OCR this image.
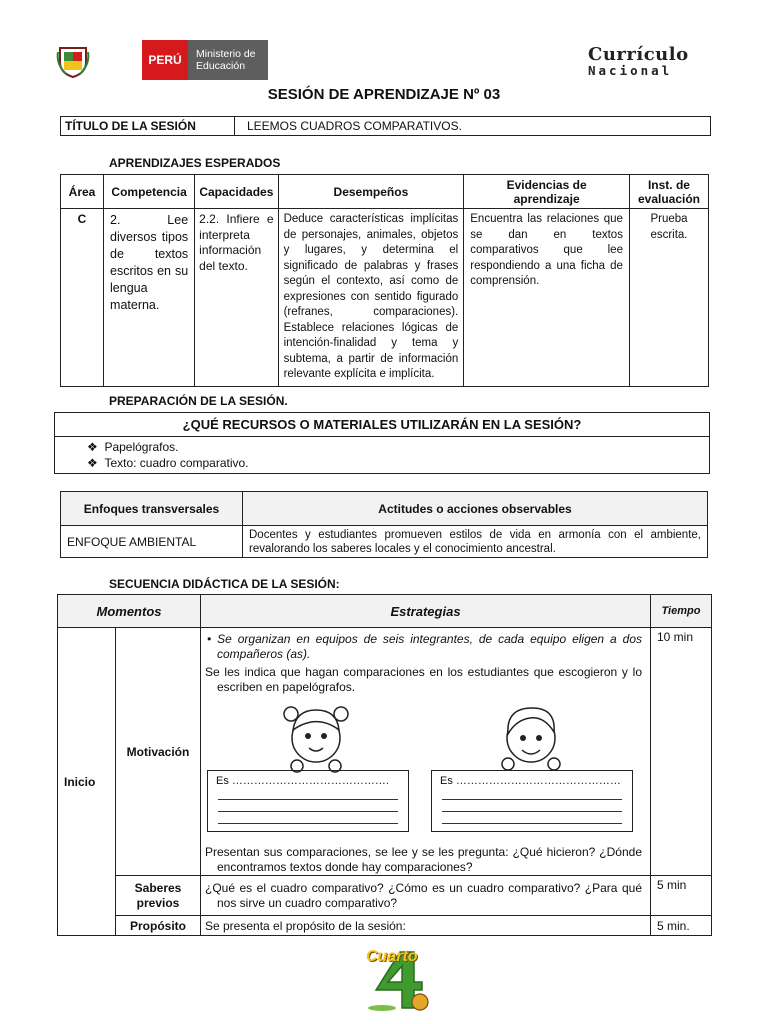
PERÚ	Ministerio de Educación
Currículo
Nacional
SESIÓN DE APRENDIZAJE Nº 03
TÍTULO DE LA SESIÓN	LEEMOS CUADROS COMPARATIVOS.
APRENDIZAJES ESPERADOS
Área	Competencia	Capacidades	Desempeños	Evidencias de aprendizaje	Inst. de evaluación
C	2. Lee diversos tipos de textos escritos en su lengua materna.	2.2. Infiere e interpreta información del texto.	Deduce características implícitas de personajes, animales, objetos y lugares, y determina el significado de palabras y frases según el contexto, así como de expresiones con sentido figurado (refranes, comparaciones). Establece relaciones lógicas de intención-finalidad y tema y subtema, a partir de información relevante explícita e implícita.	Encuentra las relaciones que se dan en textos comparativos que lee respondiendo a una ficha de comprensión.	Prueba escrita.
PREPARACIÓN DE LA SESIÓN.
¿QUÉ RECURSOS O MATERIALES UTILIZARÁN EN LA SESIÓN?

❖ Papelógrafos.
❖ Texto: cuadro comparativo.
Enfoques transversales	Actitudes o acciones observables
ENFOQUE AMBIENTAL	Docentes y estudiantes promueven estilos de vida en armonía con el ambiente, revalorando los saberes locales y el conocimiento ancestral.
SECUENCIA DIDÁCTICA DE LA SESIÓN:
Momentos		Estrategias	Tiempo
Inicio	Motivación	• Se organizan en equipos de seis integrantes, de cada equipo eligen a dos compañeros (as).
Se les indica que hagan comparaciones en los estudiantes que escogieron y lo escriben en papelógrafos.
Es ……………………………………. Es ………………………………………
Presentan sus comparaciones, se lee y se les pregunta: ¿Qué hicieron? ¿Dónde encontramos textos donde hay comparaciones?	10 min
	Saberes previos	¿Qué es el cuadro comparativo? ¿Cómo es un cuadro comparativo? ¿Para qué nos sirve un cuadro comparativo?	5 min
	Propósito	Se presenta el propósito de la sesión:	5 min.
Cuarto
